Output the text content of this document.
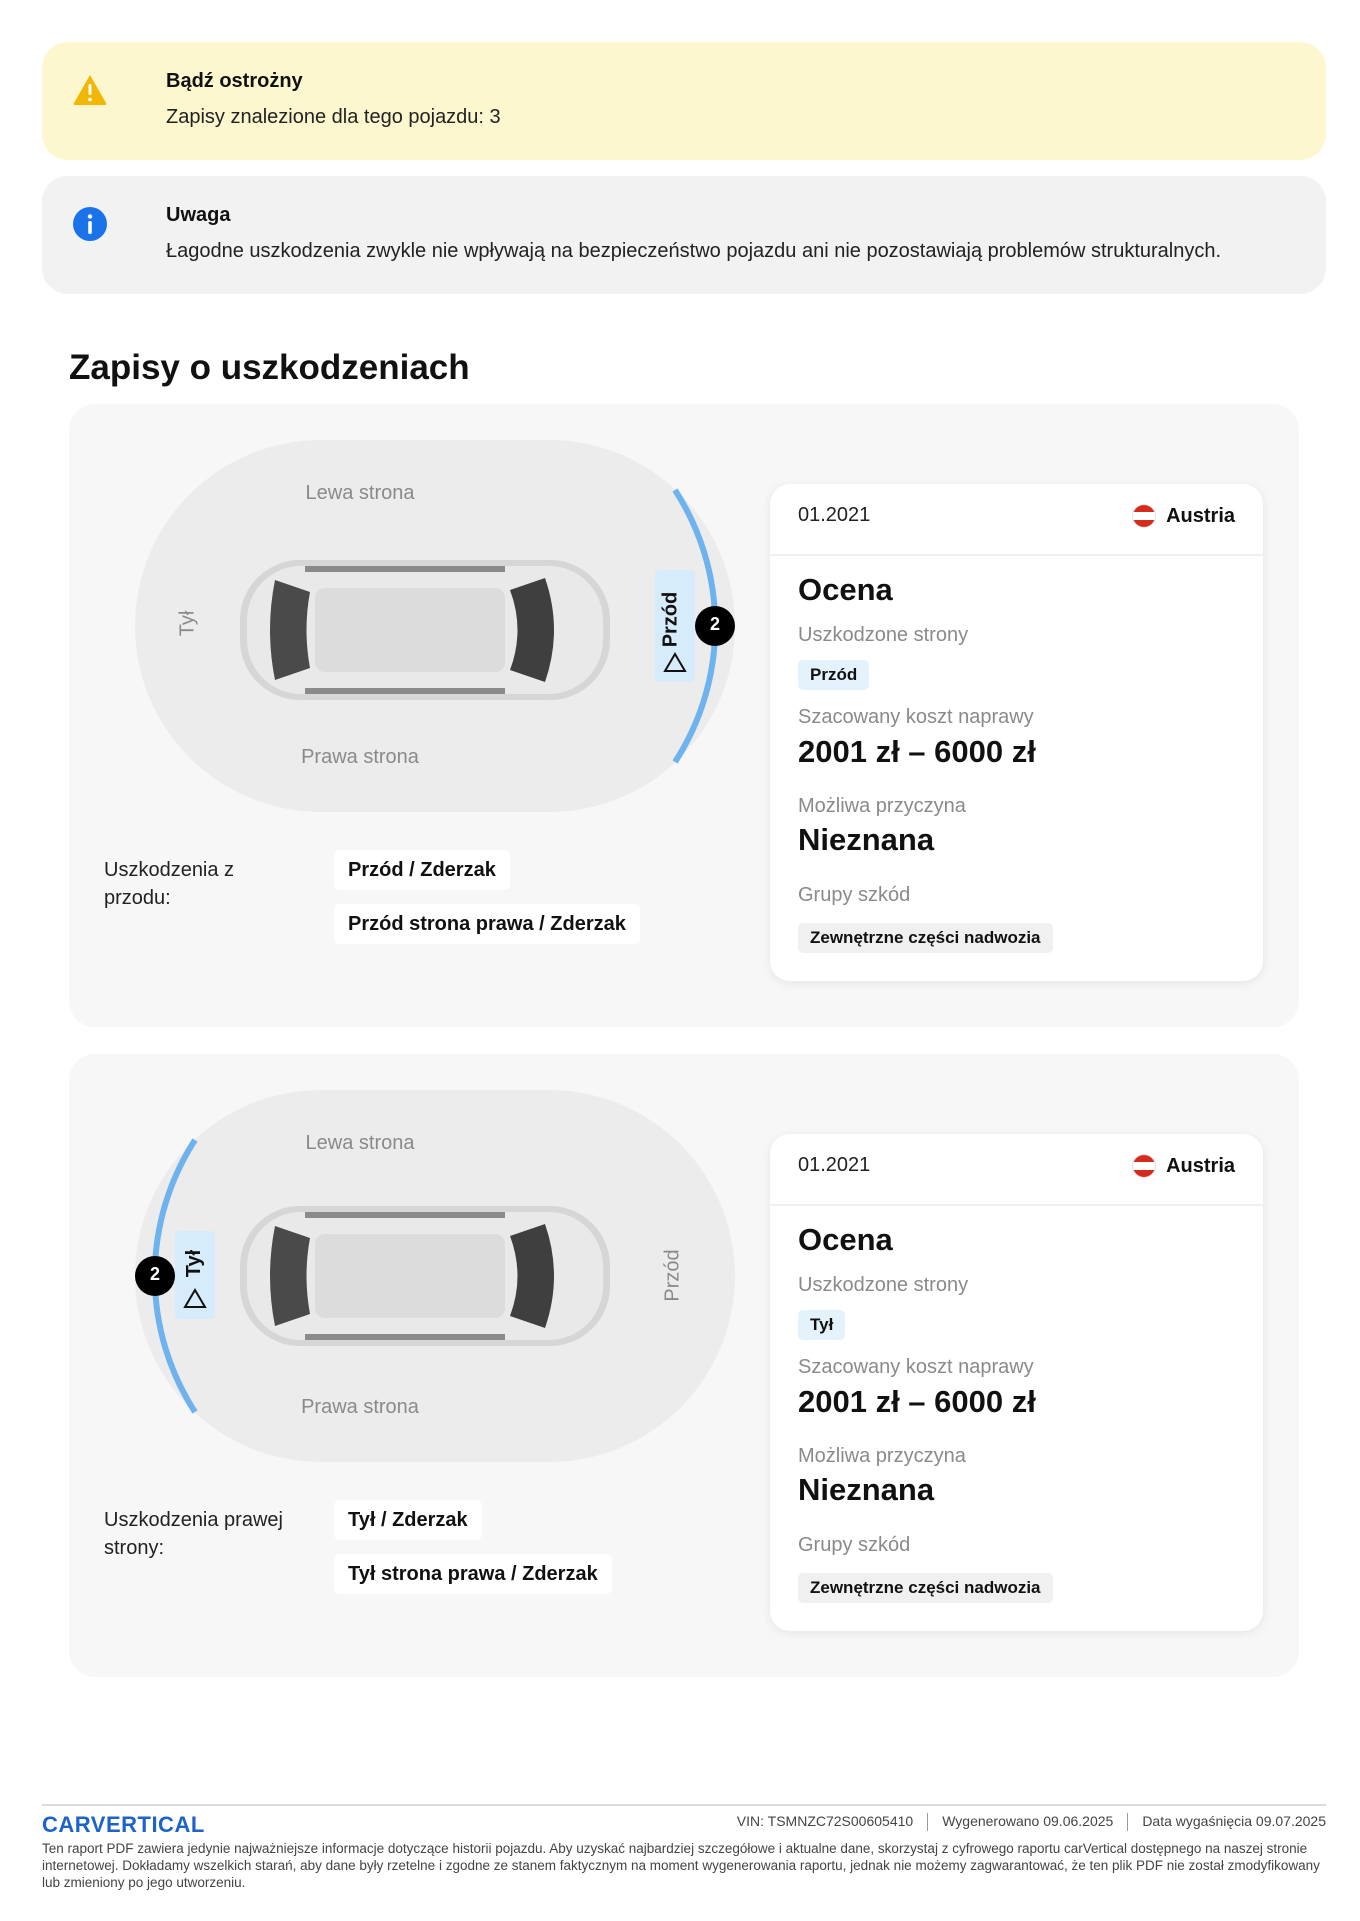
Bądź ostrożny
Zapisy znalezione dla tego pojazdu: 3
Uwaga
Łagodne uszkodzenia zwykle nie wpływają na bezpieczeństwo pojazdu ani nie pozostawiają problemów strukturalnych.
Zapisy o uszkodzeniach
Lewa strona
Prawa strona
Tył	Przód 2
Uszkodzenia z przodu:
Przód / Zderzak
Przód strona prawa / Zderzak
01.2021	Austria
Ocena
Uszkodzone strony
Przód
Szacowany koszt naprawy
2001 zł – 6000 zł
Możliwa przyczyna
Nieznana
Grupy szkód
Zewnętrzne części nadwozia
Lewa strona
Prawa strona
Tył	Przód
2
Uszkodzenia prawej strony:
Tył / Zderzak
Tył strona prawa / Zderzak
01.2021	Austria
Ocena
Uszkodzone strony
Tył
Szacowany koszt naprawy
2001 zł – 6000 zł
Możliwa przyczyna
Nieznana
Grupy szkód
Zewnętrzne części nadwozia
CARVERTICAL	VIN: TSMNZC72S00605410 Wygenerowano 09.06.2025 Data wygaśnięcia 09.07.2025
Ten raport PDF zawiera jedynie najważniejsze informacje dotyczące historii pojazdu. Aby uzyskać najbardziej szczegółowe i aktualne dane, skorzystaj z cyfrowego raportu carVertical dostępnego na naszej stronie internetowej. Dokładamy wszelkich starań, aby dane były rzetelne i zgodne ze stanem faktycznym na moment wygenerowania raportu, jednak nie możemy zagwarantować, że ten plik PDF nie został zmodyfikowany lub zmieniony po jego utworzeniu.
